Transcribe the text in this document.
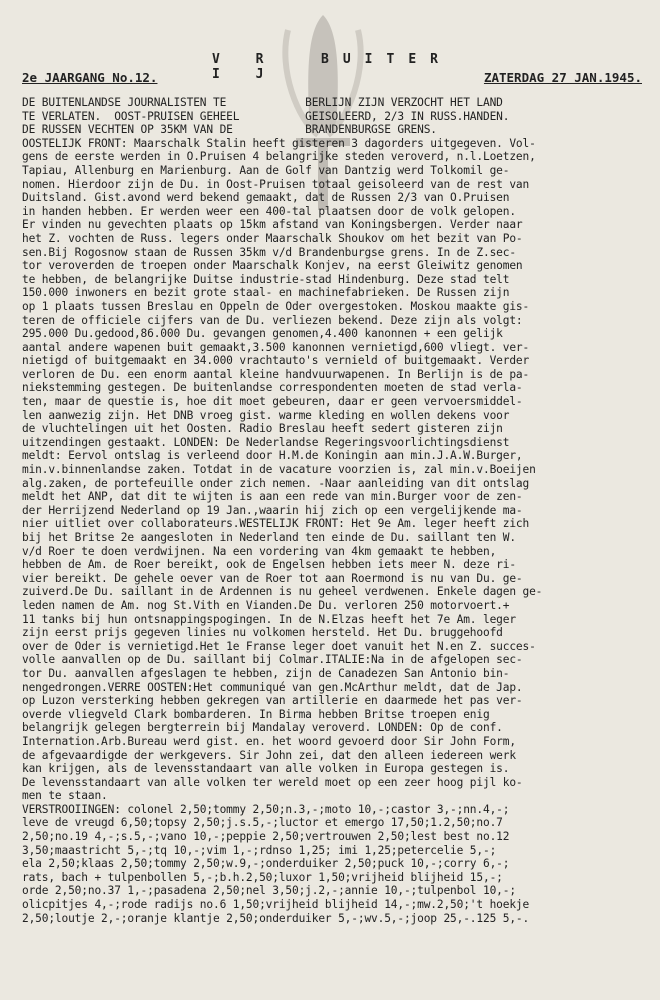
V R I J
BUITER
2e JAARGANG No.12.	ZATERDAG 27 JAN.1945.
DE BUITENLANDSE JOURNALISTEN TE            BERLIJN ZIJN VERZOCHT HET LAND
TE VERLATEN.  OOST-PRUISEN GEHEEL          GEISOLEERD, 2/3 IN RUSS.HANDEN.
DE RUSSEN VECHTEN OP 35KM VAN DE           BRANDENBURGSE GRENS.
OOSTELIJK FRONT: Maarschalk Stalin heeft gisteren 3 dagorders uitgegeven. Vol-
gens de eerste werden in O.Pruisen 4 belangrijke steden veroverd, n.l.Loetzen,
Tapiau, Allenburg en Marienburg. Aan de Golf van Dantzig werd Tolkomil ge-
nomen. Hierdoor zijn de Du. in Oost-Pruisen totaal geisoleerd van de rest van
Duitsland. Gist.avond werd bekend gemaakt, dat de Russen 2/3 van O.Pruisen
in handen hebben. Er werden weer een 400-tal plaatsen door de volk gelopen.
Er vinden nu gevechten plaats op 15km afstand van Koningsbergen. Verder naar
het Z. vochten de Russ. legers onder Maarschalk Shoukov om het bezit van Po-
sen.Bij Rogosnow staan de Russen 35km v/d Brandenburgse grens. In de Z.sec-
tor veroverden de troepen onder Maarschalk Konjev, na eerst Gleiwitz genomen
te hebben, de belangrijke Duitse industrie-stad Hindenburg. Deze stad telt
150.000 inwoners en bezit grote staal- en machinefabrieken. De Russen zijn
op 1 plaats tussen Breslau en Oppeln de Oder overgestoken. Moskou maakte gis-
teren de officiele cijfers van de Du. verliezen bekend. Deze zijn als volgt:
295.000 Du.gedood,86.000 Du. gevangen genomen,4.400 kanonnen + een gelijk
aantal andere wapenen buit gemaakt,3.500 kanonnen vernietigd,600 vliegt. ver-
nietigd of buitgemaakt en 34.000 vrachtauto's vernield of buitgemaakt. Verder
verloren de Du. een enorm aantal kleine handvuurwapenen. In Berlijn is de pa-
niekstemming gestegen. De buitenlandse correspondenten moeten de stad verla-
ten, maar de questie is, hoe dit moet gebeuren, daar er geen vervoersmiddel-
len aanwezig zijn. Het DNB vroeg gist. warme kleding en wollen dekens voor
de vluchtelingen uit het Oosten. Radio Breslau heeft sedert gisteren zijn
uitzendingen gestaakt. LONDEN: De Nederlandse Regeringsvoorlichtingsdienst
meldt: Eervol ontslag is verleend door H.M.de Koningin aan min.J.A.W.Burger,
min.v.binnenlandse zaken. Totdat in de vacature voorzien is, zal min.v.Boeijen
alg.zaken, de portefeuille onder zich nemen. -Naar aanleiding van dit ontslag
meldt het ANP, dat dit te wijten is aan een rede van min.Burger voor de zen-
der Herrijzend Nederland op 19 Jan.,waarin hij zich op een vergelijkende ma-
nier uitliet over collaborateurs.WESTELIJK FRONT: Het 9e Am. leger heeft zich
bij het Britse 2e aangesloten in Nederland ten einde de Du. saillant ten W.
v/d Roer te doen verdwijnen. Na een vordering van 4km gemaakt te hebben,
hebben de Am. de Roer bereikt, ook de Engelsen hebben iets meer N. deze ri-
vier bereikt. De gehele oever van de Roer tot aan Roermond is nu van Du. ge-
zuiverd.De Du. saillant in de Ardennen is nu geheel verdwenen. Enkele dagen ge-
leden namen de Am. nog St.Vith en Vianden.De Du. verloren 250 motorvoert.+
11 tanks bij hun ontsnappingspogingen. In de N.Elzas heeft het 7e Am. leger
zijn eerst prijs gegeven linies nu volkomen hersteld. Het Du. bruggehoofd
over de Oder is vernietigd.Het 1e Franse leger doet vanuit het N.en Z. succes-
volle aanvallen op de Du. saillant bij Colmar.ITALIE:Na in de afgelopen sec-
tor Du. aanvallen afgeslagen te hebben, zijn de Canadezen San Antonio bin-
nengedrongen.VERRE OOSTEN:Het communiqué van gen.McArthur meldt, dat de Jap.
op Luzon versterking hebben gekregen van artillerie en daarmede het pas ver-
overde vliegveld Clark bombarderen. In Birma hebben Britse troepen enig
belangrijk gelegen bergterrein bij Mandalay veroverd. LONDEN: Op de conf.
Internation.Arb.Bureau werd gist. en. het woord gevoerd door Sir John Form,
de afgevaardigde der werkgevers. Sir John zei, dat den alleen iedereen werk
kan krijgen, als de levensstandaart van alle volken in Europa gestegen is.
De levensstandaart van alle volken ter wereld moet op een zeer hoog pijl ko-
men te staan.
VERSTROOIINGEN: colonel 2,50;tommy 2,50;n.3,-;moto 10,-;castor 3,-;nn.4,-;
leve de vreugd 6,50;topsy 2,50;j.s.5,-;luctor et emergo 17,50;1.2,50;no.7
2,50;no.19 4,-;s.5,-;vano 10,-;peppie 2,50;vertrouwen 2,50;lest best no.12
3,50;maastricht 5,-;tq 10,-;vim 1,-;rdnso 1,25; imi 1,25;petercelie 5,-;
ela 2,50;klaas 2,50;tommy 2,50;w.9,-;onderduiker 2,50;puck 10,-;corry 6,-;
rats, bach + tulpenbollen 5,-;b.h.2,50;luxor 1,50;vrijheid blijheid 15,-;
orde 2,50;no.37 1,-;pasadena 2,50;nel 3,50;j.2,-;annie 10,-;tulpenbol 10,-;
olicpitjes 4,-;rode radijs no.6 1,50;vrijheid blijheid 14,-;mw.2,50;'t hoekje
2,50;loutje 2,-;oranje klantje 2,50;onderduiker 5,-;wv.5,-;joop 25,-.125 5,-.
